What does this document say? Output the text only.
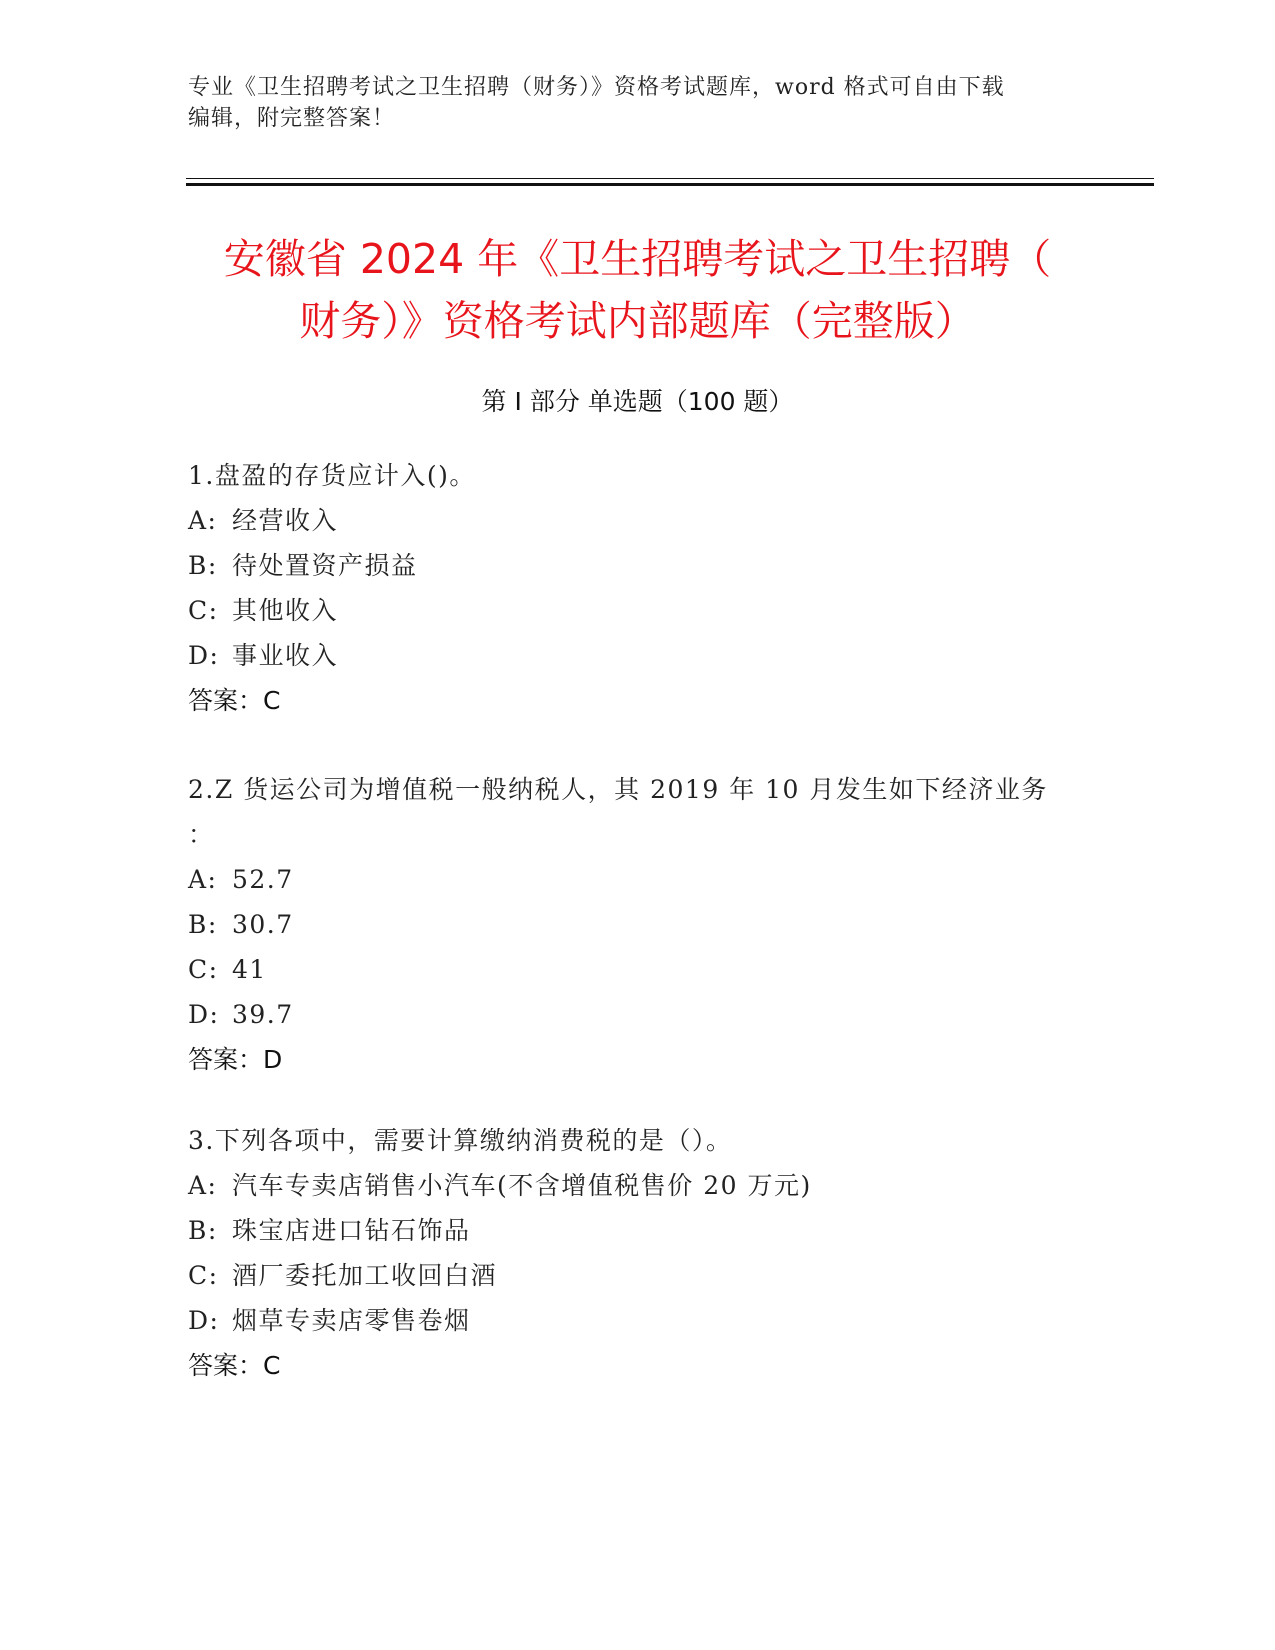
专业《卫生招聘考试之卫生招聘（财务）》资格考试题库，word 格式可自由下载
编辑，附完整答案！
安徽省 2024 年《卫生招聘考试之卫生招聘（
财务）》资格考试内部题库（完整版）
第 I 部分 单选题（100 题）
1.盘盈的存货应计入()。
A: 经营收入
B: 待处置资产损益
C: 其他收入
D: 事业收入
答案：C
2.Z 货运公司为增值税一般纳税人，其 2019 年 10 月发生如下经济业务
：
A: 52.7
B: 30.7
C: 41
D: 39.7
答案：D
3.下列各项中，需要计算缴纳消费税的是（）。
A: 汽车专卖店销售小汽车(不含增值税售价 20 万元)
B: 珠宝店进口钻石饰品
C: 酒厂委托加工收回白酒
D: 烟草专卖店零售卷烟
答案：C
